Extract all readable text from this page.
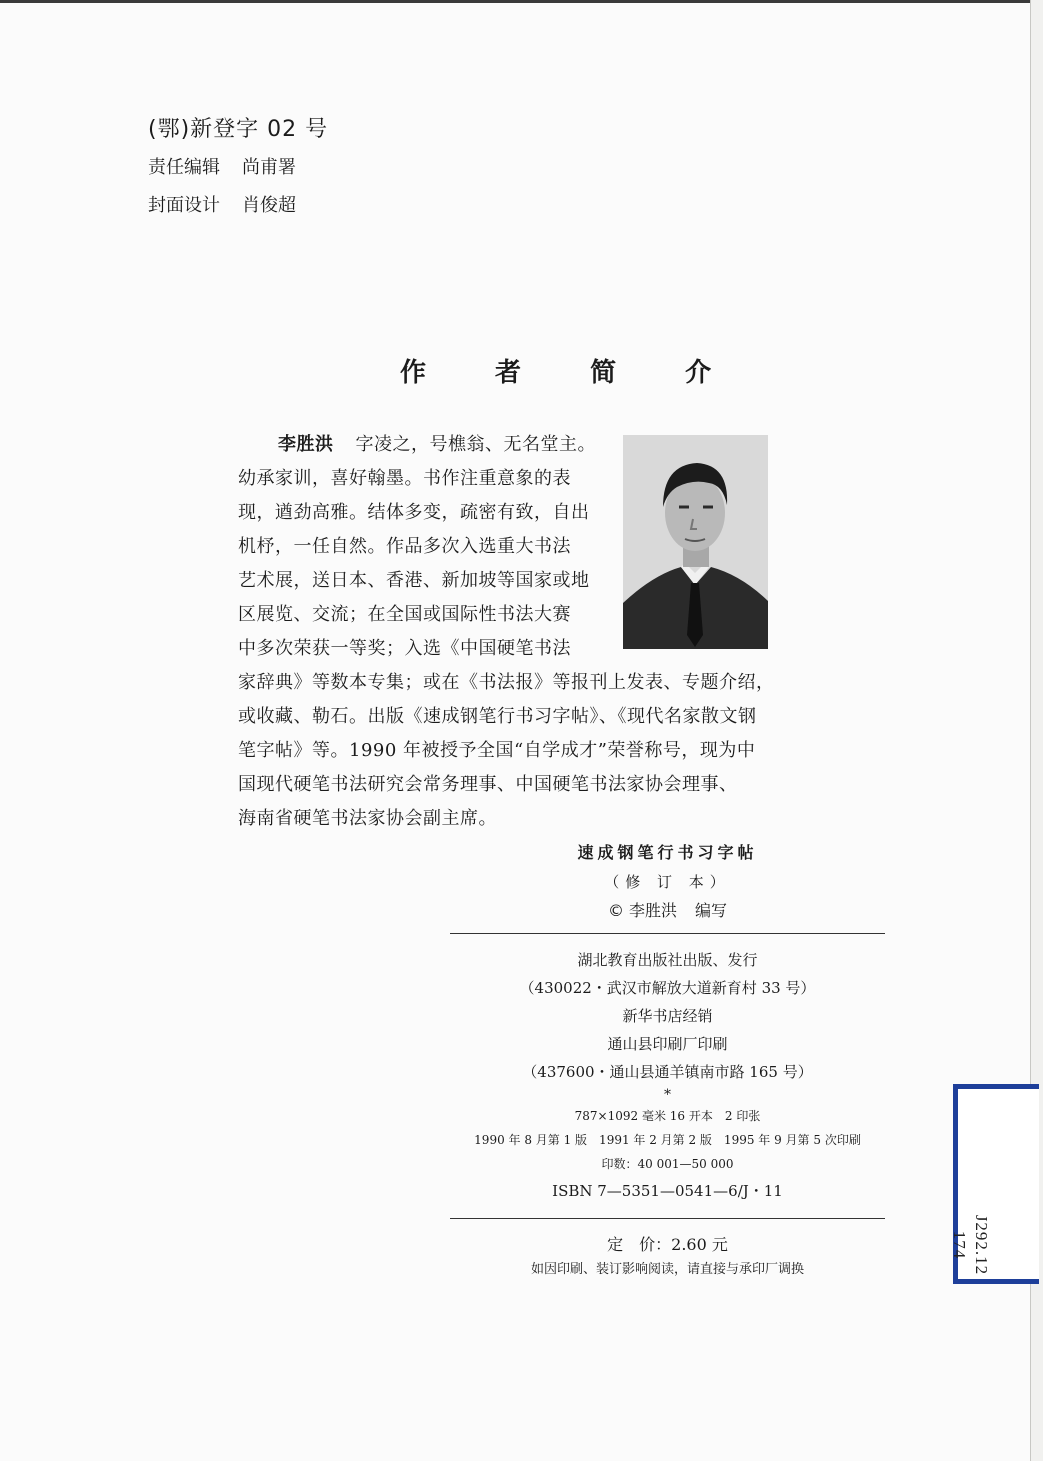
(鄂)新登字 02 号
责任编辑 尚甫署
封面设计 肖俊超
作 者 简 介
李胜洪 字凌之，号樵翁、无名堂主。
幼承家训，喜好翰墨。书作注重意象的表
现，遒劲高雅。结体多变，疏密有致，自出
机杼，一任自然。作品多次入选重大书法
艺术展，送日本、香港、新加坡等国家或地
区展览、交流；在全国或国际性书法大赛
中多次荣获一等奖；入选《中国硬笔书法
家辞典》等数本专集；或在《书法报》等报刊上发表、专题介绍，
或收藏、勒石。出版《速成钢笔行书习字帖》、《现代名家散文钢
笔字帖》等。1990 年被授予全国“自学成才”荣誉称号，现为中
国现代硬笔书法研究会常务理事、中国硬笔书法家协会理事、
海南省硬笔书法家协会副主席。
速成钢笔行书习字帖
（修 订 本）
© 李胜洪 编写
湖北教育出版社出版、发行
（430022・武汉市解放大道新育村 33 号）
新华书店经销
通山县印刷厂印刷
（437600・通山县通羊镇南市路 165 号）
*
787×1092 毫米 16 开本　2 印张
1990 年 8 月第 1 版　1991 年 2 月第 2 版　1995 年 9 月第 5 次印刷
印数：40 001—50 000
ISBN 7—5351—0541—6/J・11
定　价：2.60 元
如因印刷、装订影响阅读，请直接与承印厂调换	J292.12
174
